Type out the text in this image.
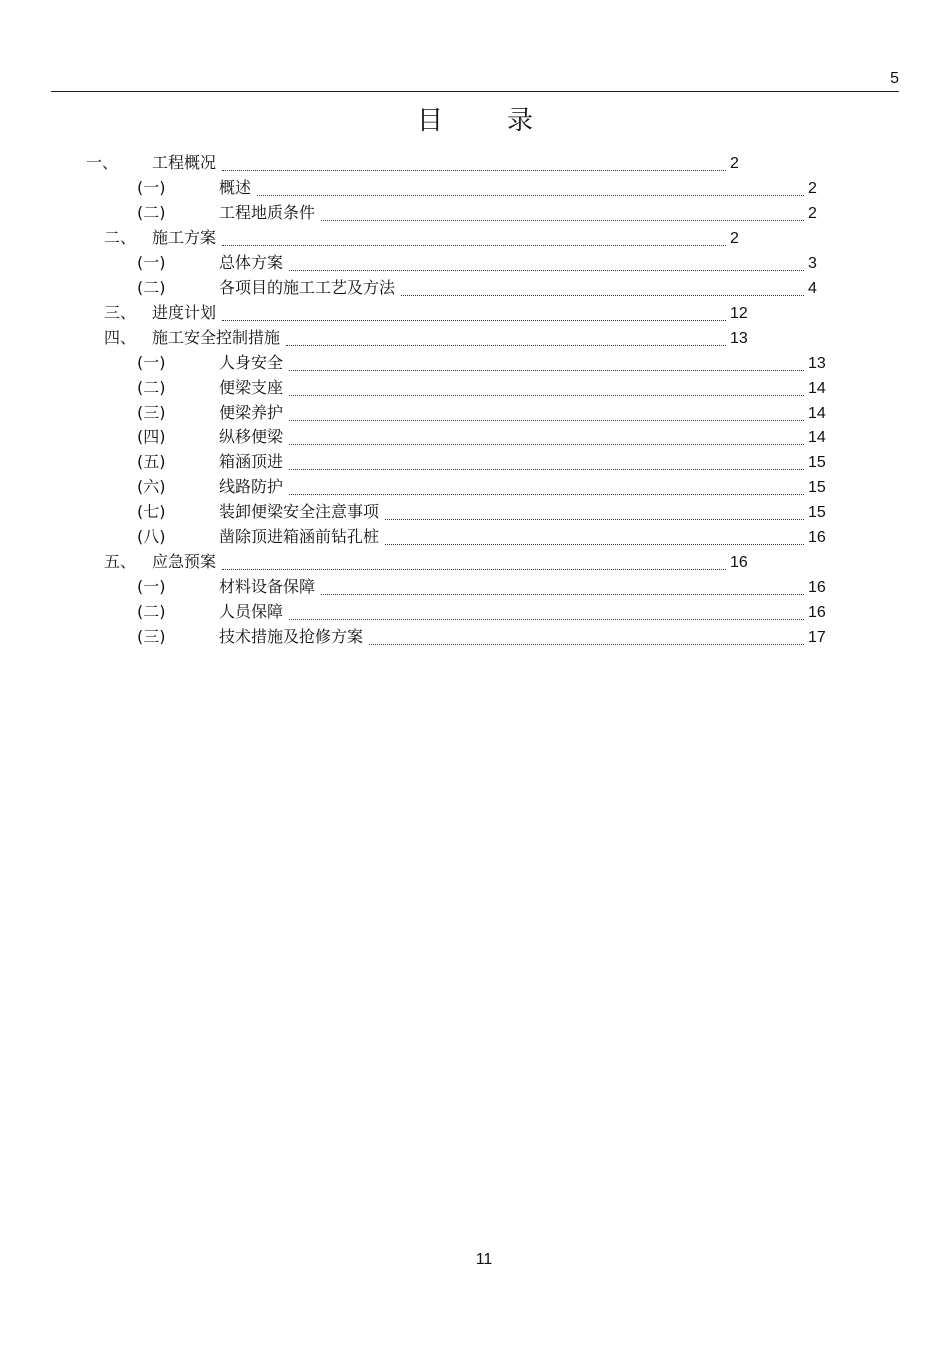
5
目 录
一、 工程概况	2
(一)	概述	2
(二)	工程地质条件	2
二、 施工方案	2
(一)	总体方案	3
(二)	各项目的施工工艺及方法	4
三、 进度计划	12
四、 施工安全控制措施	13
(一)	人身安全	13
(二)	便梁支座	14
(三)	便梁养护	14
(四)	纵移便梁	14
(五)	箱涵顶进	15
(六)	线路防护	15
(七)	装卸便梁安全注意事项	15
(八)	凿除顶进箱涵前钻孔桩	16
五、 应急预案	16
(一)	材料设备保障	16
(二)	人员保障	16
(三)	技术措施及抢修方案	17
11
